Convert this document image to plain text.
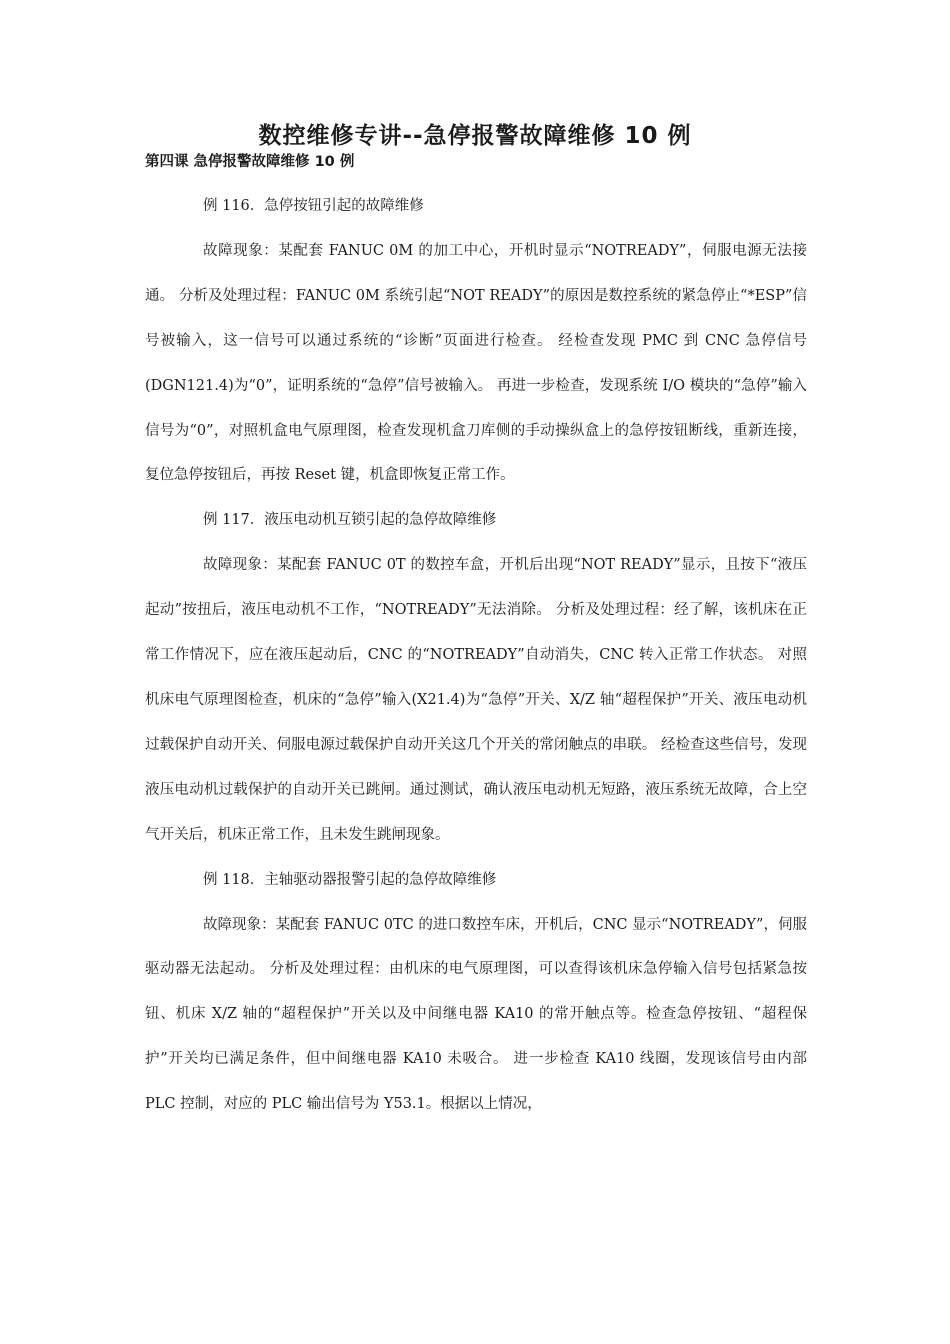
数控维修专讲--急停报警故障维修 10 例
第四课 急停报警故障维修 10 例

例 116．急停按钮引起的故障维修

故障现象：某配套 FANUC 0M 的加工中心，开机时显示“NOTREADY”，伺服电源无法接通。 分析及处理过程：FANUC 0M 系统引起“NOT READY”的原因是数控系统的紧急停止“*ESP”信号被输入，这一信号可以通过系统的“诊断”页面进行检查。 经检查发现 PMC 到 CNC 急停信号(DGN121.4)为“0”，证明系统的“急停”信号被输入。 再进一步检查，发现系统 I/O 模块的“急停”输入信号为“0”，对照机盒电气原理图，检查发现机盒刀库侧的手动操纵盒上的急停按钮断线，重新连接，复位急停按钮后，再按 Reset 键，机盒即恢复正常工作。

例 117．液压电动机互锁引起的急停故障维修

故障现象：某配套 FANUC 0T 的数控车盒，开机后出现“NOT READY”显示，且按下“液压起动”按扭后，液压电动机不工作，“NOTREADY”无法消除。 分析及处理过程：经了解，该机床在正常工作情况下，应在液压起动后，CNC 的“NOTREADY”自动消失，CNC 转入正常工作状态。 对照机床电气原理图检查，机床的“急停”输入(X21.4)为“急停”开关、X/Z 轴“超程保护”开关、液压电动机过载保护自动开关、伺服电源过载保护自动开关这几个开关的常闭触点的串联。 经检查这些信号，发现液压电动机过载保护的自动开关已跳闸。通过测试，确认液压电动机无短路，液压系统无故障，合上空气开关后，机床正常工作，且未发生跳闸现象。

例 118．主轴驱动器报警引起的急停故障维修

故障现象：某配套 FANUC 0TC 的进口数控车床，开机后，CNC 显示“NOTREADY”，伺服驱动器无法起动。 分析及处理过程：由机床的电气原理图，可以查得该机床急停输入信号包括紧急按钮、机床 X/Z 轴的“超程保护”开关以及中间继电器 KA10 的常开触点等。检查急停按钮、“超程保护”开关均已满足条件，但中间继电器 KA10 未吸合。 进一步检查 KA10 线圈，发现该信号由内部 PLC 控制，对应的 PLC 输出信号为 Y53.1。根据以上情况，
